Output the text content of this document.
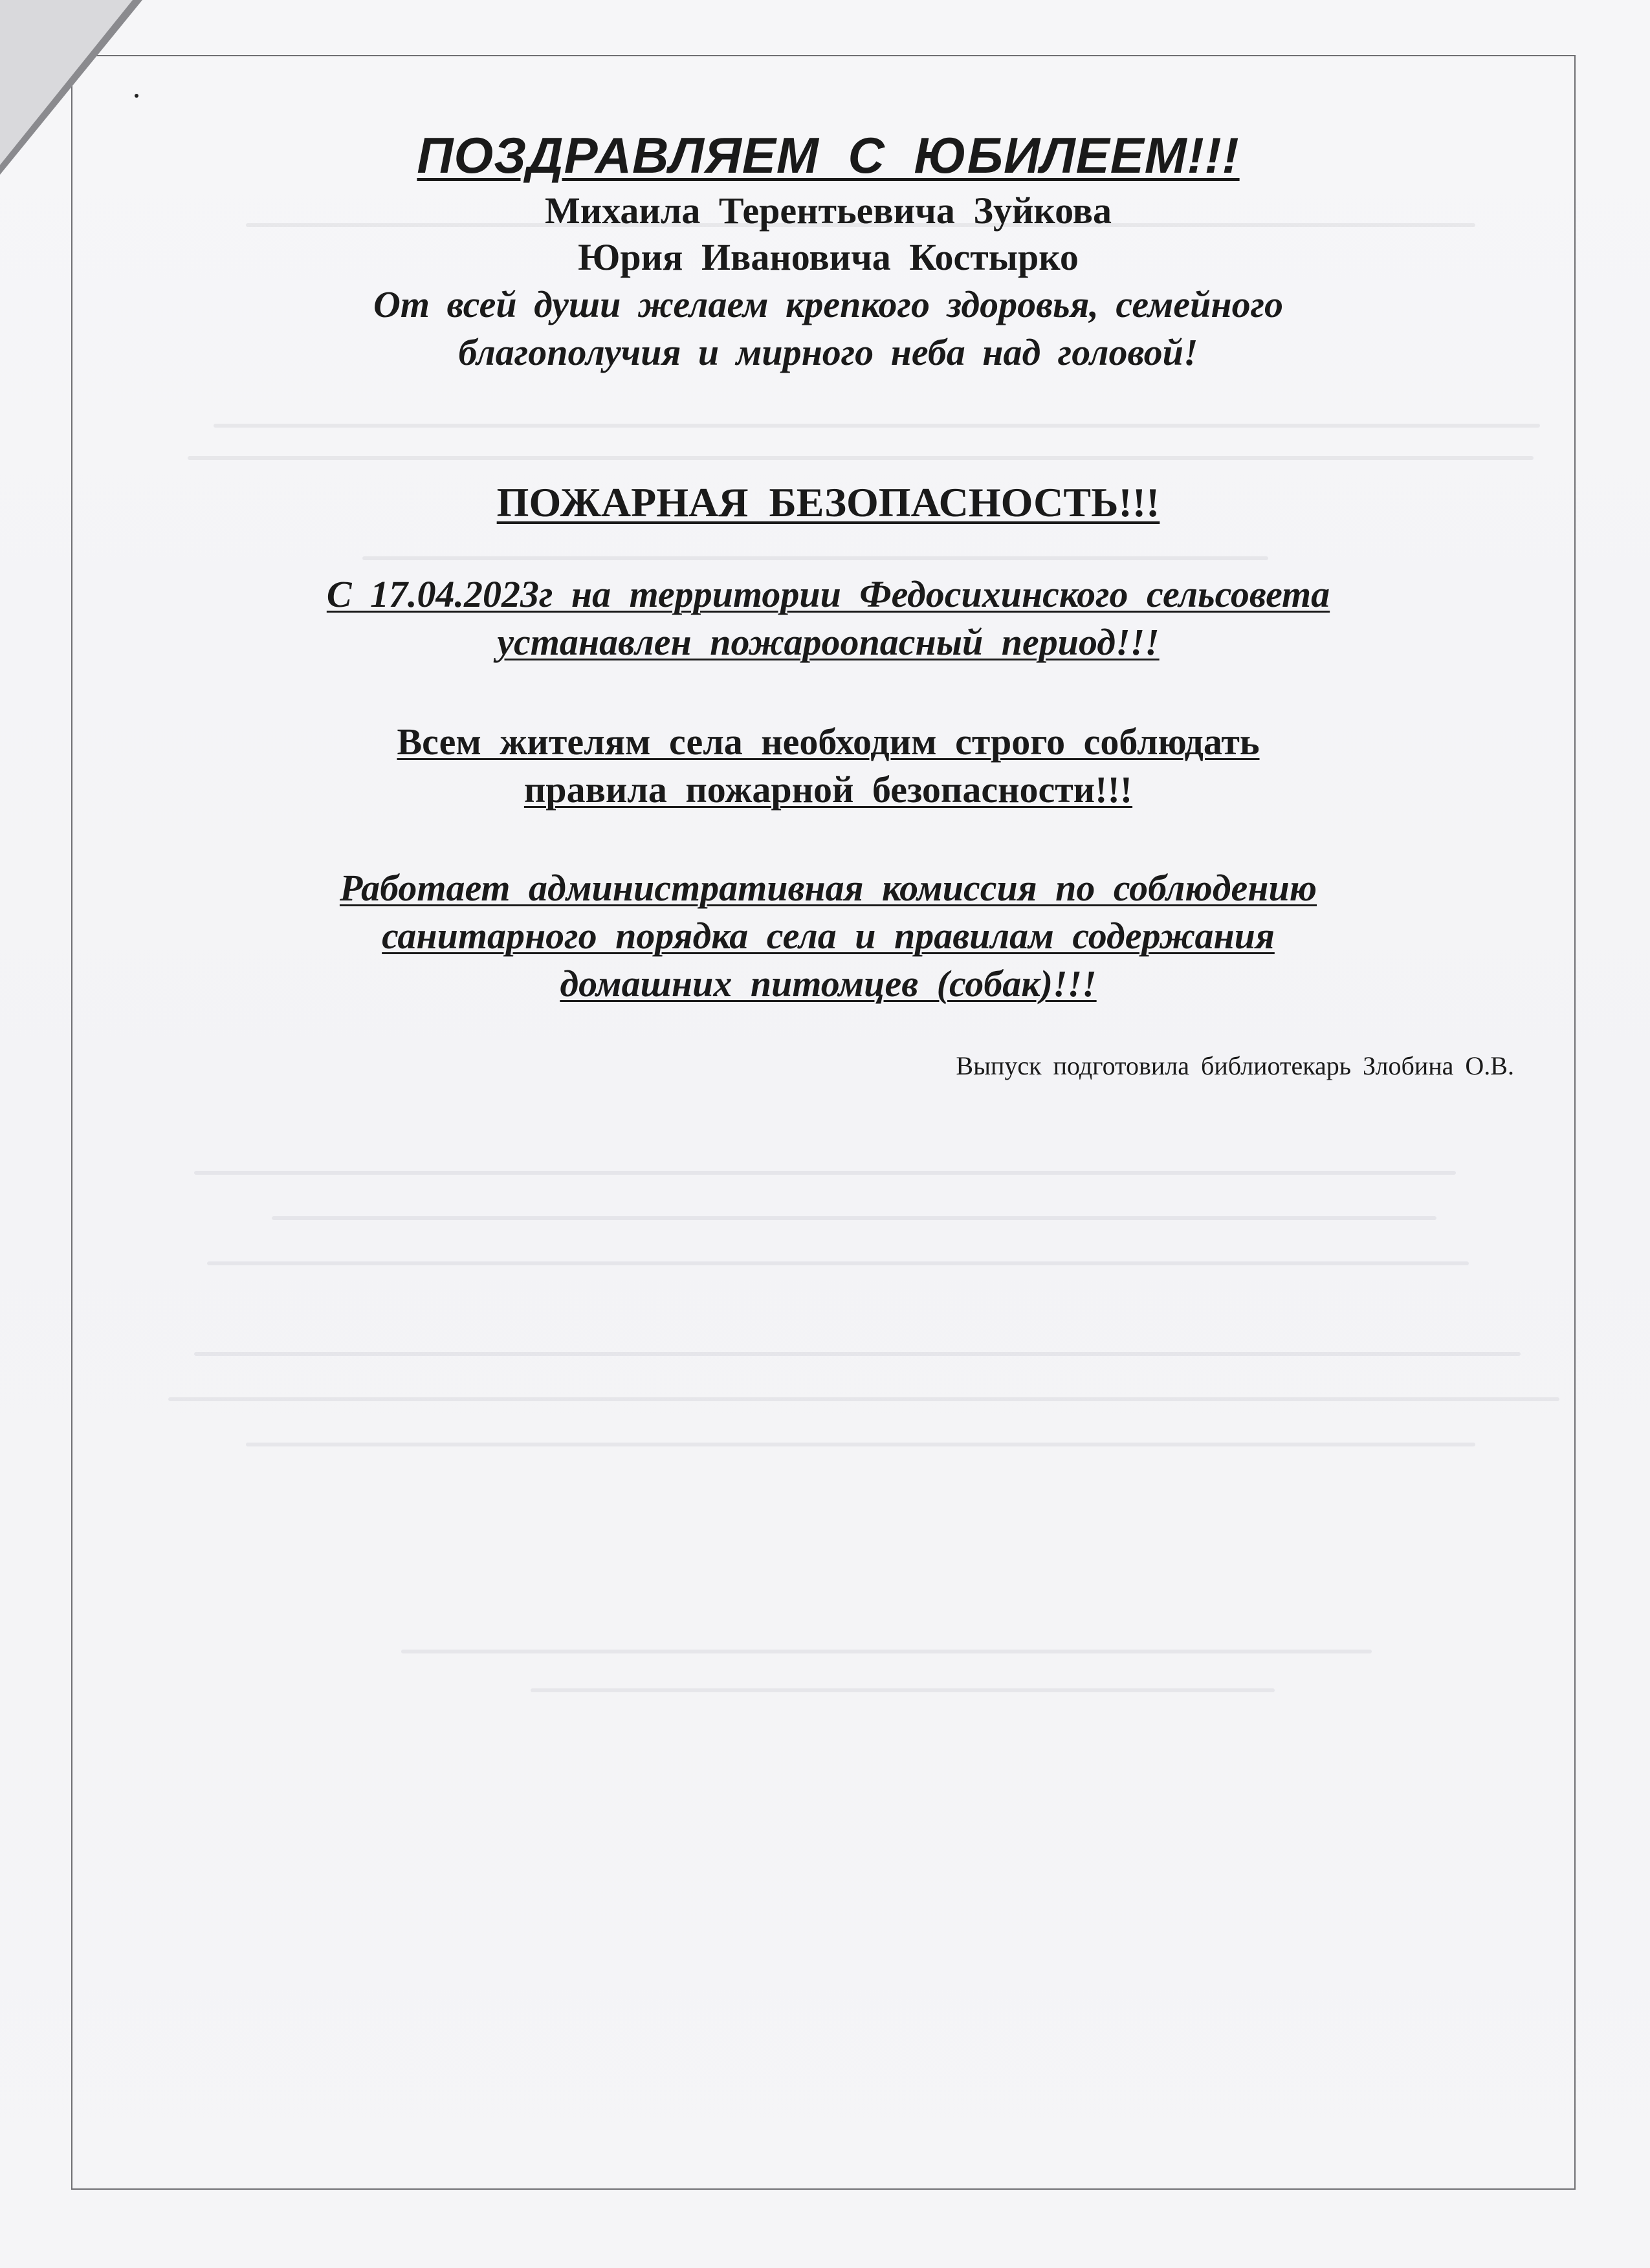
ПОЗДРАВЛЯЕМ С ЮБИЛЕЕМ!!!

Михаила Терентьевича Зуйкова

Юрия Ивановича Костырко

От всей души желаем крепкого здоровья, семейного

благополучия и мирного неба над головой!

ПОЖАРНАЯ БЕЗОПАСНОСТЬ!!!

С 17.04.2023г на территории Федосихинского сельсовета

устанавлен пожароопасный период!!!

Всем жителям села необходим строго соблюдать

правила пожарной безопасности!!!

Работает административная комиссия по соблюдению

санитарного порядка села и правилам содержания

домашних питомцев (собак)!!!

Выпуск подготовила библиотекарь Злобина О.В.
